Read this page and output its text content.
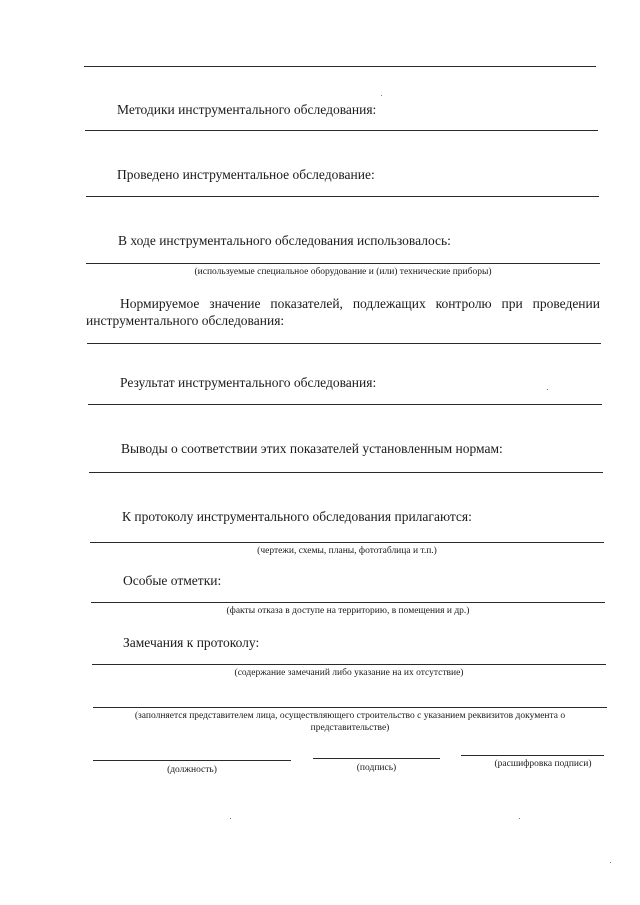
Методики инструментального обследования:
Проведено инструментальное обследование:
В ходе инструментального обследования использовалось:
(используемые специальное оборудование и (или) технические приборы)
Нормируемое значение показателей, подлежащих контролю при проведении инструментального обследования:
Результат инструментального обследования:
Выводы о соответствии этих показателей установленным нормам:
К протоколу инструментального обследования прилагаются:
(чертежи, схемы, планы, фототаблица и т.п.)
Особые отметки:
(факты отказа в доступе на территорию, в помещения и др.)
Замечания к протоколу:
(содержание замечаний либо указание на их отсутствие)
(заполняется представителем лица, осуществляющего строительство с указанием реквизитов документа о представительстве)
(должность)	(подпись)	(расшифровка подписи)
